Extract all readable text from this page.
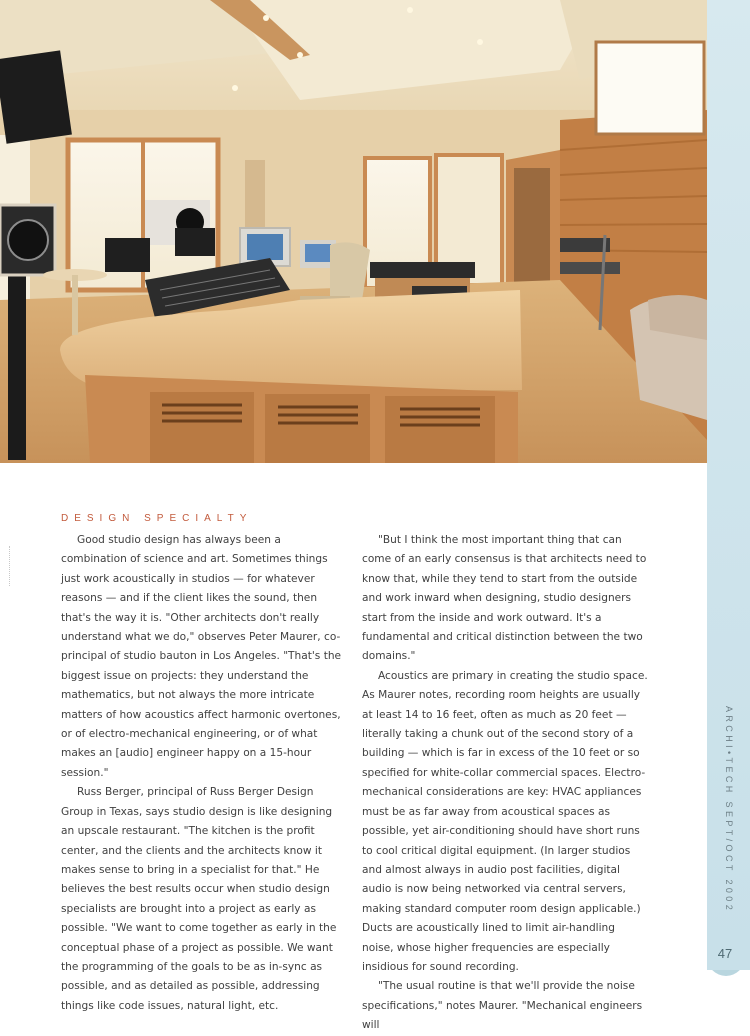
ARCHI•TECH SEPT/OCT 2002
47
DESIGN SPECIALTY

Good studio design has always been a combination of science and art. Sometimes things just work acoustically in studios — for whatever reasons — and if the client likes the sound, then that's the way it is. "Other architects don't really understand what we do," observes Peter Maurer, co-principal of studio bauton in Los Angeles. "That's the biggest issue on projects: they understand the mathematics, but not always the more intricate matters of how acoustics affect harmonic overtones, or of electro-mechanical engineering, or of what makes an [audio] engineer happy on a 15-hour session."

Russ Berger, principal of Russ Berger Design Group in Texas, says studio design is like designing an upscale restaurant. "The kitchen is the profit center, and the clients and the architects know it makes sense to bring in a specialist for that." He believes the best results occur when studio design specialists are brought into a project as early as possible. "We want to come together as early in the conceptual phase of a project as possible. We want the programming of the goals to be as in-sync as possible, and as detailed as possible, addressing things like code issues, natural light, etc.

"But I think the most important thing that can come of an early consensus is that architects need to know that, while they tend to start from the outside and work inward when designing, studio designers start from the inside and work outward. It's a fundamental and critical distinction between the two domains."

Acoustics are primary in creating the studio space. As Maurer notes, recording room heights are usually at least 14 to 16 feet, often as much as 20 feet — literally taking a chunk out of the second story of a building — which is far in excess of the 10 feet or so specified for white-collar commercial spaces. Electro-mechanical considerations are key: HVAC appliances must be as far away from acoustical spaces as possible, yet air-conditioning should have short runs to cool critical digital equipment. (In larger studios and almost always in audio post facilities, digital audio is now being networked via central servers, making standard computer room design applicable.) Ducts are acoustically lined to limit air-handling noise, whose higher frequencies are especially insidious for sound recording.

"The usual routine is that we'll provide the noise specifications," notes Maurer. "Mechanical engineers will
